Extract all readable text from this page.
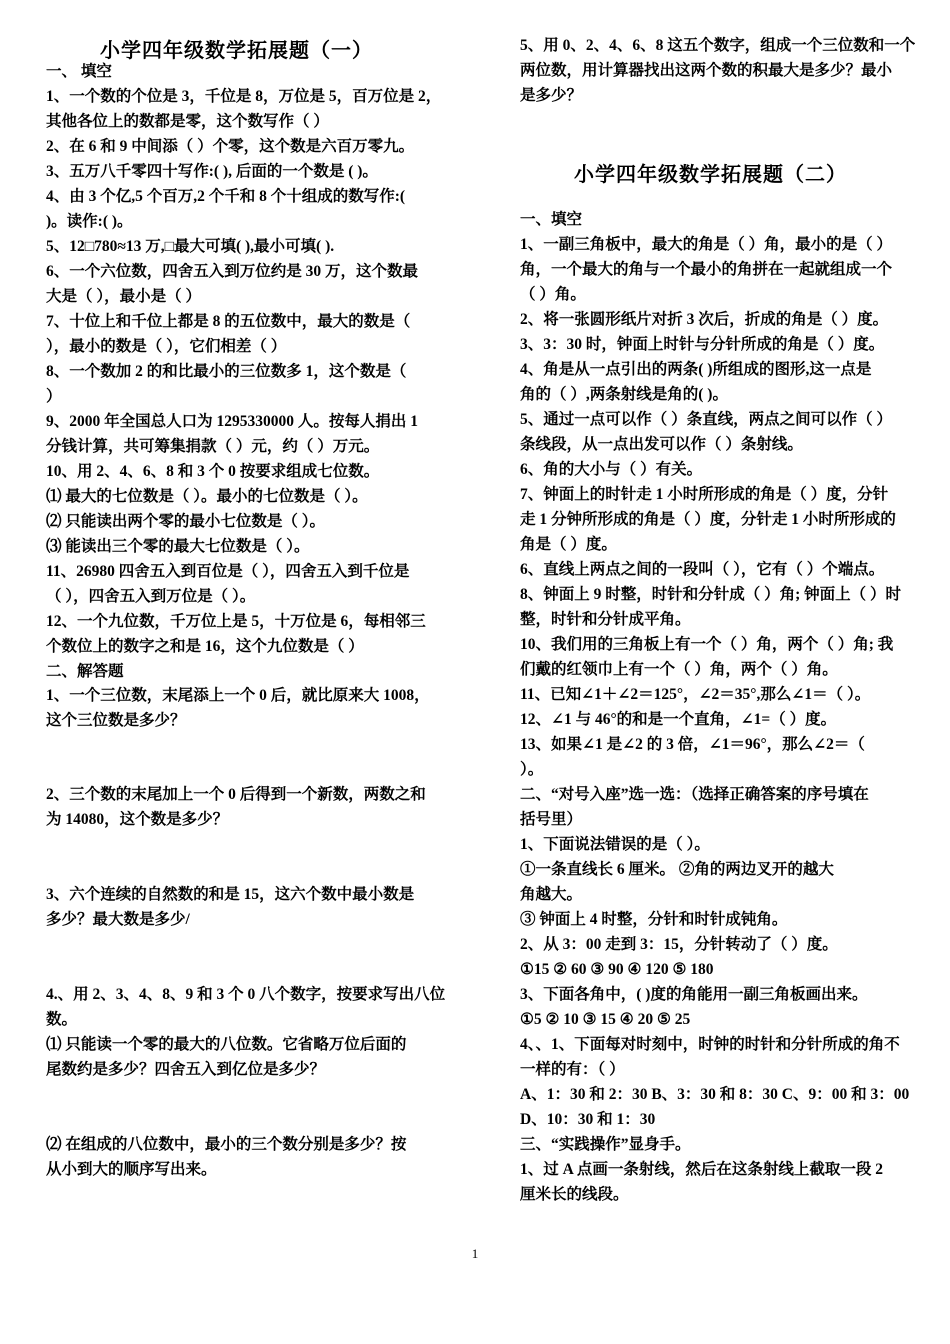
小学四年级数学拓展题（一）
一、 填空
1、一个数的个位是 3，千位是 8，万位是 5，百万位是 2，
其他各位上的数都是零，这个数写作（ ）
2、在 6 和 9 中间添（ ）个零，这个数是六百万零九。
3、五万八千零四十写作:( ), 后面的一个数是 ( )。
4、由 3 个亿,5 个百万,2 个千和 8 个十组成的数写作:(
)。读作:( )。
5、12□780≈13 万,□最大可填( ),最小可填( ).
6、一个六位数，四舍五入到万位约是 30 万，这个数最
大是（ ），最小是（ ）
7、十位上和千位上都是 8 的五位数中，最大的数是（
），最小的数是（ ），它们相差（ ）
8、一个数加 2 的和比最小的三位数多 1，这个数是（
）
9、2000 年全国总人口为 1295330000 人。按每人捐出 1
分钱计算，共可筹集捐款（ ）元，约（ ）万元。
10、用 2、4、6、8 和 3 个 0 按要求组成七位数。
⑴ 最大的七位数是（ ）。最小的七位数是（ ）。
⑵ 只能读出两个零的最小七位数是（ ）。
⑶ 能读出三个零的最大七位数是（ ）。
11、26980 四舍五入到百位是（ ），四舍五入到千位是
（ ），四舍五入到万位是（ ）。
12、一个九位数，千万位上是 5，十万位是 6，每相邻三
个数位上的数字之和是 16，这个九位数是（ ）
二、解答题
1、一个三位数，末尾添上一个 0 后，就比原来大 1008，
这个三位数是多少？
2、三个数的末尾加上一个 0 后得到一个新数，两数之和
为 14080，这个数是多少？
3、六个连续的自然数的和是 15，这六个数中最小数是
多少？最大数是多少/
4.、用 2、3、4、8、9 和 3 个 0 八个数字，按要求写出八位
数。
⑴ 只能读一个零的最大的八位数。它省略万位后面的
尾数约是多少？四舍五入到亿位是多少？
⑵ 在组成的八位数中，最小的三个数分别是多少？按
从小到大的顺序写出来。
5、用 0、2、4、6、8 这五个数字，组成一个三位数和一个
两位数，用计算器找出这两个数的积最大是多少？最小
是多少？
小学四年级数学拓展题（二）
一、填空
1、一副三角板中，最大的角是（ ）角，最小的是（ ）
角，一个最大的角与一个最小的角拼在一起就组成一个
（ ）角。
2、将一张圆形纸片对折 3 次后，折成的角是（ ）度。
3、3：30 时，钟面上时针与分针所成的角是（ ）度。
4、角是从一点引出的两条( )所组成的图形,这一点是
角的（ ）,两条射线是角的( )。
5、通过一点可以作（ ）条直线，两点之间可以作（ ）
条线段，从一点出发可以作（ ）条射线。
6、角的大小与（ ）有关。
7、钟面上的时针走 1 小时所形成的角是（ ）度，分针
走 1 分钟所形成的角是（ ）度，分针走 1 小时所形成的
角是（ ）度。
6、直线上两点之间的一段叫（ ），它有（ ）个端点。
8、钟面上 9 时整，时针和分针成（ ）角; 钟面上（ ）时
整，时针和分针成平角。
10、我们用的三角板上有一个（ ）角，两个（ ）角; 我
们戴的红领巾上有一个（ ）角，两个（ ）角。
11、已知∠1＋∠2＝125°，∠2＝35°,那么∠1＝（ ）。
12、∠1 与 46°的和是一个直角，∠1=（ ）度。
13、如果∠1 是∠2 的 3 倍，∠1＝96°，那么∠2＝（
）。
二、“对号入座”选一选：（选择正确答案的序号填在
括号里）
1、下面说法错误的是（ ）。
①一条直线长 6 厘米。 ②角的两边叉开的越大
角越大。
③ 钟面上 4 时整，分针和时针成钝角。
2、从 3：00 走到 3：15，分针转动了（ ）度。
①15 ② 60 ③ 90 ④ 120 ⑤ 180
3、下面各角中，( )度的角能用一副三角板画出来。
①5 ② 10 ③ 15 ④ 20 ⑤ 25
4、、1、下面每对时刻中，时钟的时针和分针所成的角不
一样的有：（ ）
A、1：30 和 2：30 B、3：30 和 8：30 C、9：00 和 3：00
D、10：30 和 1：30
三、“实践操作”显身手。
1、过 A 点画一条射线，然后在这条射线上截取一段 2
厘米长的线段。
1
